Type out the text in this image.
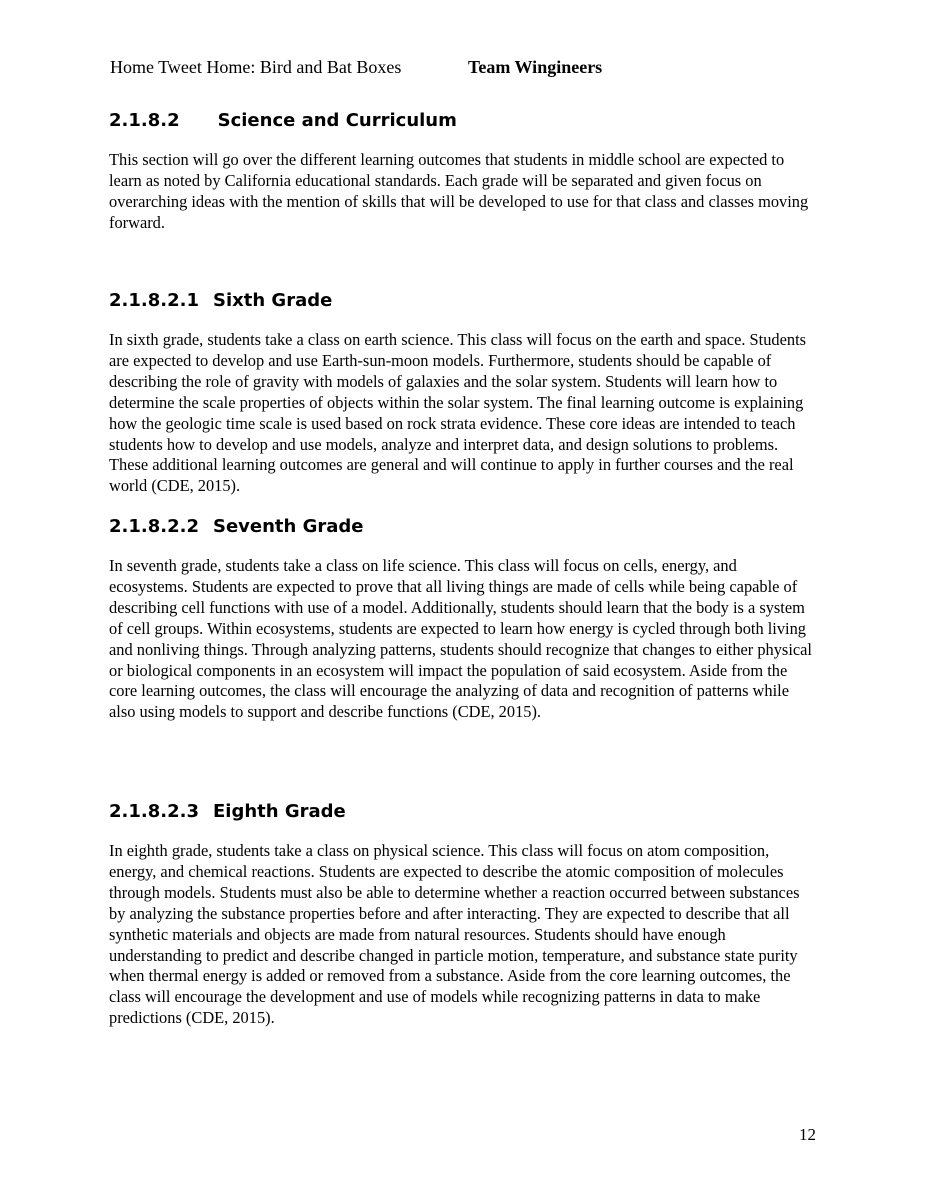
Home Tweet Home: Bird and Bat Boxes	Team Wingineers
2.1.8.2 Science and Curriculum

This section will go over the different learning outcomes that students in middle school are expected to learn as noted by California educational standards. Each grade will be separated and given focus on overarching ideas with the mention of skills that will be developed to use for that class and classes moving forward.

2.1.8.2.1 Sixth Grade

In sixth grade, students take a class on earth science. This class will focus on the earth and space. Students are expected to develop and use Earth-sun-moon models. Furthermore, students should be capable of describing the role of gravity with models of galaxies and the solar system. Students will learn how to determine the scale properties of objects within the solar system. The final learning outcome is explaining how the geologic time scale is used based on rock strata evidence. These core ideas are intended to teach students how to develop and use models, analyze and interpret data, and design solutions to problems. These additional learning outcomes are general and will continue to apply in further courses and the real world (CDE, 2015).

2.1.8.2.2 Seventh Grade

In seventh grade, students take a class on life science. This class will focus on cells, energy, and ecosystems. Students are expected to prove that all living things are made of cells while being capable of describing cell functions with use of a model. Additionally, students should learn that the body is a system of cell groups. Within ecosystems, students are expected to learn how energy is cycled through both living and nonliving things. Through analyzing patterns, students should recognize that changes to either physical or biological components in an ecosystem will impact the population of said ecosystem. Aside from the core learning outcomes, the class will encourage the analyzing of data and recognition of patterns while also using models to support and describe functions (CDE, 2015).

2.1.8.2.3 Eighth Grade

In eighth grade, students take a class on physical science. This class will focus on atom composition, energy, and chemical reactions. Students are expected to describe the atomic composition of molecules through models. Students must also be able to determine whether a reaction occurred between substances by analyzing the substance properties before and after interacting. They are expected to describe that all synthetic materials and objects are made from natural resources. Students should have enough understanding to predict and describe changed in particle motion, temperature, and substance state purity when thermal energy is added or removed from a substance. Aside from the core learning outcomes, the class will encourage the development and use of models while recognizing patterns in data to make predictions (CDE, 2015).

12
